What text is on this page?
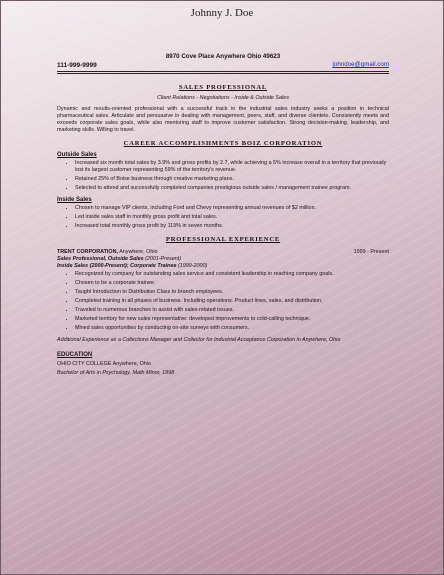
Johnny J. Doe
8970 Cove Place Anywhere Ohio 49623
111-999-9999	johndoe@gmail.com

SALES PROFESSIONAL

Client Relations - Negotiations - Inside & Outside Sales
Dynamic and results-oriented professional with a successful track in the industrial sales industry seeks a position in technical pharmaceutical sales. Articulate and persuasive in dealing with management, peers, staff, and diverse clientele. Consistently meets and exceeds corporate sales goals, while also mentoring staff to improve customer satisfaction. Strong decision-making, leadership, and marketing skills. Willing to travel.

CAREER ACCOMPLISHMENTS BOIZ CORPORATION

Outside Sales
• Increased six month total sales by 3.9% and gross profits by 2.7, while achieving a 5% increase overall in a territory that previously lost its largest customer representing 59% of the territory's revenue.
• Retained 25% of Boise business through creative marketing plans.
• Selected to attend and successfully completed companies prestigious outside sales / management trainee program.
Inside Sales
• Chosen to manage VIP clients, including Ford and Chevy representing annual revenues of $2 million.
• Led inside sales staff in monthly gross profit and total sales.
• Increased total monthly gross profit by 119% in seven months.

PROFESSIONAL EXPERIENCE

TRENT CORPORATION, Anywhere, Ohio	1999 - Present
Sales Professional, Outside Sales (2001-Present)
Inside Sales (2000-Present); Corporate Trainee (1999-2000)
• Recognized by company for outstanding sales service and consistent leadership in reaching company goals.
• Chosen to be a corporate trainee.
• Taught Introduction to Distribution Class to branch employees.
• Completed training in all phases of business. Including operations. Product lines, sales, and distribution.
• Traveled to numerous branches to assist with sales-related issues.
• Marketed territory for new sales representative: developed improvements to cold-calling technique.
• Mined sales opportunities by conducting on-site surveys with consumers.
Additional Experience as a Collections Manager and Collector for Industrial Acceptance Corporation in Anywhere, Ohio
EDUCATION
OHIO CITY COLLEGE Anywhere, Ohio
Bachelor of Arts in Psychology, Math Minor, 1998
